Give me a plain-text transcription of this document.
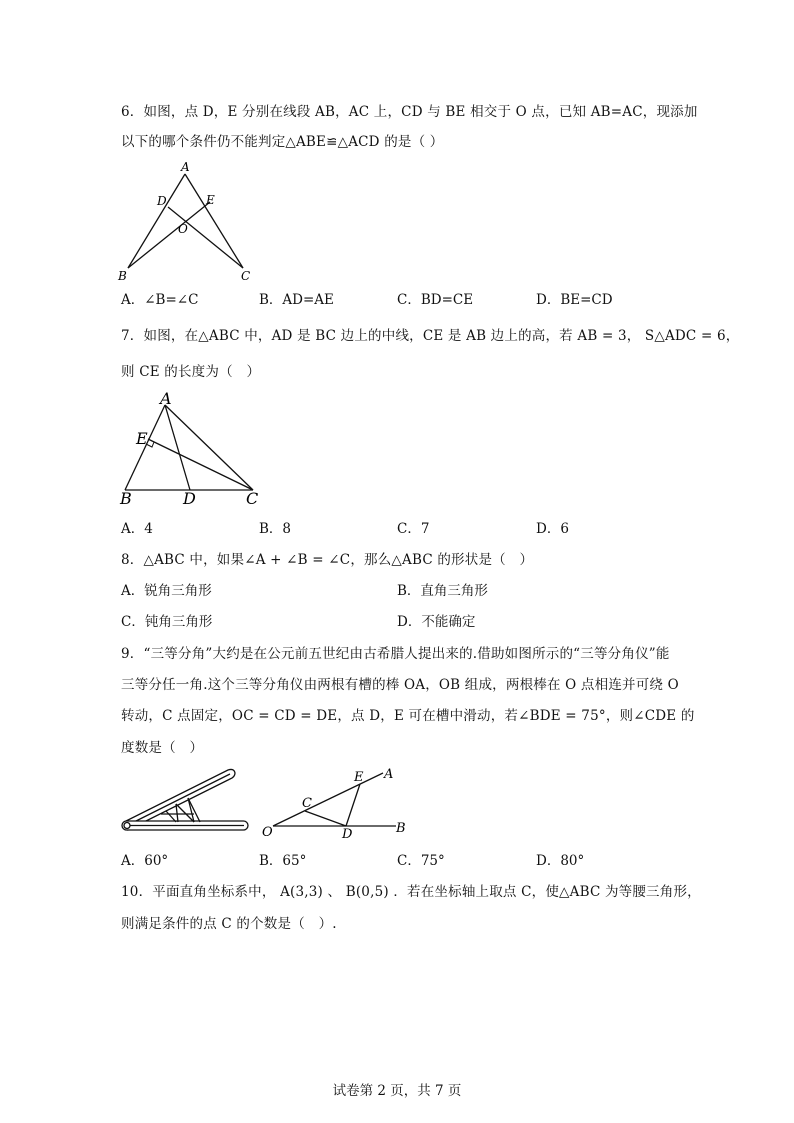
6．如图，点 D，E 分别在线段 AB，AC 上，CD 与 BE 相交于 O 点，已知 AB=AC，现添加
以下的哪个条件仍不能判定△ABE≌△ACD 的是（ ）
A
D	E
O
B	C
A．∠B=∠C	B．AD=AE	C．BD=CE	D．BE=CD
7．如图，在△ABC 中，AD 是 BC 边上的中线，CE 是 AB 边上的高，若 AB = 3， S△ADC = 6，
则 CE 的长度为（　）
A
E
B	D	C
A．4	B．8	C．7	D．6
8．△ABC 中，如果∠A + ∠B = ∠C，那么△ABC 的形状是（　）
A．锐角三角形	B．直角三角形
C．钝角三角形	D．不能确定
9．“三等分角”大约是在公元前五世纪由古希腊人提出来的.借助如图所示的“三等分角仪”能
三等分任一角.这个三等分角仪由两根有槽的棒 OA，OB 组成，两根棒在 O 点相连并可绕 O
转动，C 点固定，OC = CD = DE，点 D，E 可在槽中滑动，若∠BDE = 75°，则∠CDE 的
度数是（　）
E A
C
O	D	B
A．60°	B．65°	C．75°	D．80°
10．平面直角坐标系中， A(3,3) 、 B(0,5) ．若在坐标轴上取点 C，使△ABC 为等腰三角形，
则满足条件的点 C 的个数是（　）.
试卷第 2 页，共 7 页
